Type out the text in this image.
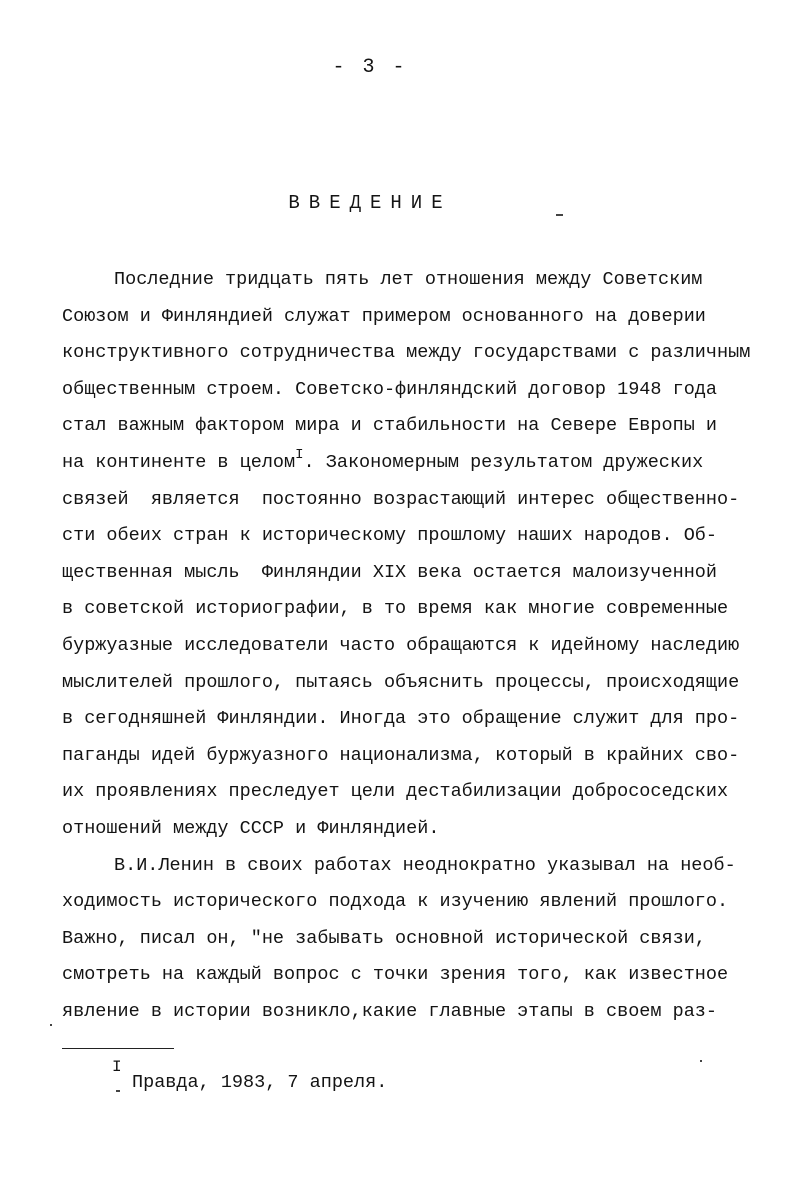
- 3 -
ВВЕДЕНИЕ
Последние тридцать пять лет отношения между Советским
Союзом и Финляндией служат примером основанного на доверии
конструктивного сотрудничества между государствами с различным
общественным строем. Советско-финляндский договор 1948 года
стал важным фактором мира и стабильности на Севере Европы и
на континенте в целом$^I$. Закономерным результатом дружеских
связей  является  постоянно возрастающий интерес общественно-
сти обеих стран к историческому прошлому наших народов. Об-
щественная мысль  Финляндии XIX века остается малоизученной
в советской историографии, в то время как многие современные
буржуазные исследователи часто обращаются к идейному наследию
мыслителей прошлого, пытаясь объяснить процессы, происходящие
в сегодняшней Финляндии. Иногда это обращение служит для про-
паганды идей буржуазного национализма, который в крайних сво-
их проявлениях преследует цели дестабилизации добрососедских
отношений между СССР и Финляндией.
В.И.Ленин в своих работах неоднократно указывал на необ-
ходимость исторического подхода к изучению явлений прошлого.
Важно, писал он, "не забывать основной исторической связи,
смотреть на каждый вопрос с точки зрения того, как известное
явление в истории возникло,какие главные этапы в своем раз-
I
Правда, 1983, 7 апреля.
